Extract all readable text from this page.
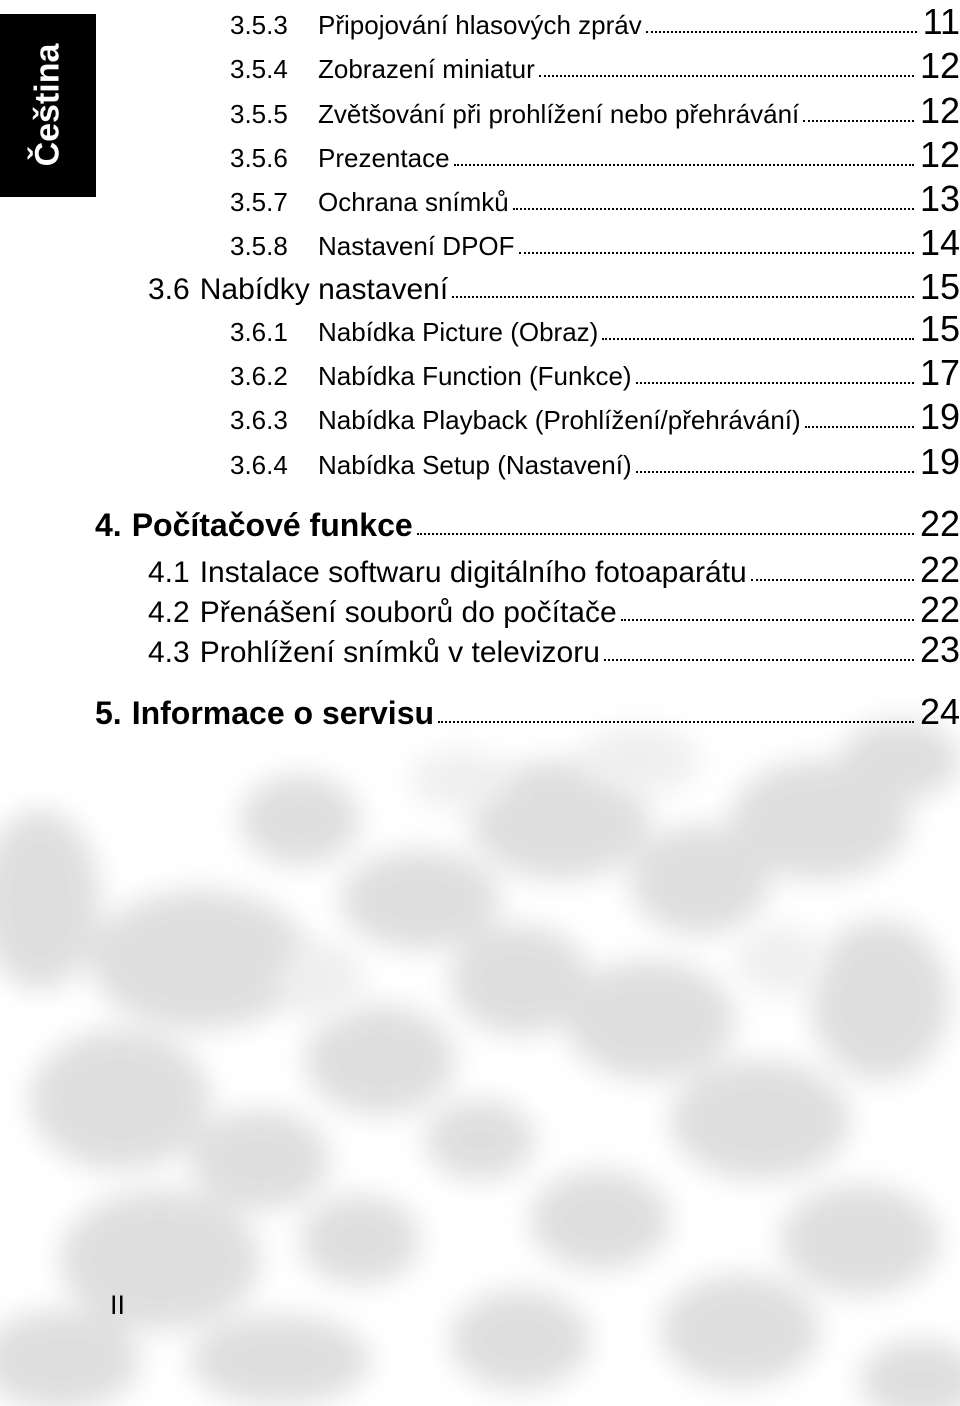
Čeština
3.5.3	Připojování hlasových zpráv	11
3.5.4	Zobrazení miniatur	12
3.5.5	Zvětšování při prohlížení nebo přehrávání	12
3.5.6	Prezentace	12
3.5.7	Ochrana snímků	13
3.5.8	Nastavení DPOF	14
3.6 Nabídky nastavení	15
3.6.1	Nabídka Picture (Obraz)	15
3.6.2	Nabídka Function (Funkce)	17
3.6.3	Nabídka Playback (Prohlížení/přehrávání)	19
3.6.4	Nabídka Setup (Nastavení)	19
4. Počítačové funkce	22
4.1 Instalace softwaru digitálního fotoaparátu	22
4.2 Přenášení souborů do počítače	22
4.3 Prohlížení snímků v televizoru	23
5. Informace o servisu	24
II
